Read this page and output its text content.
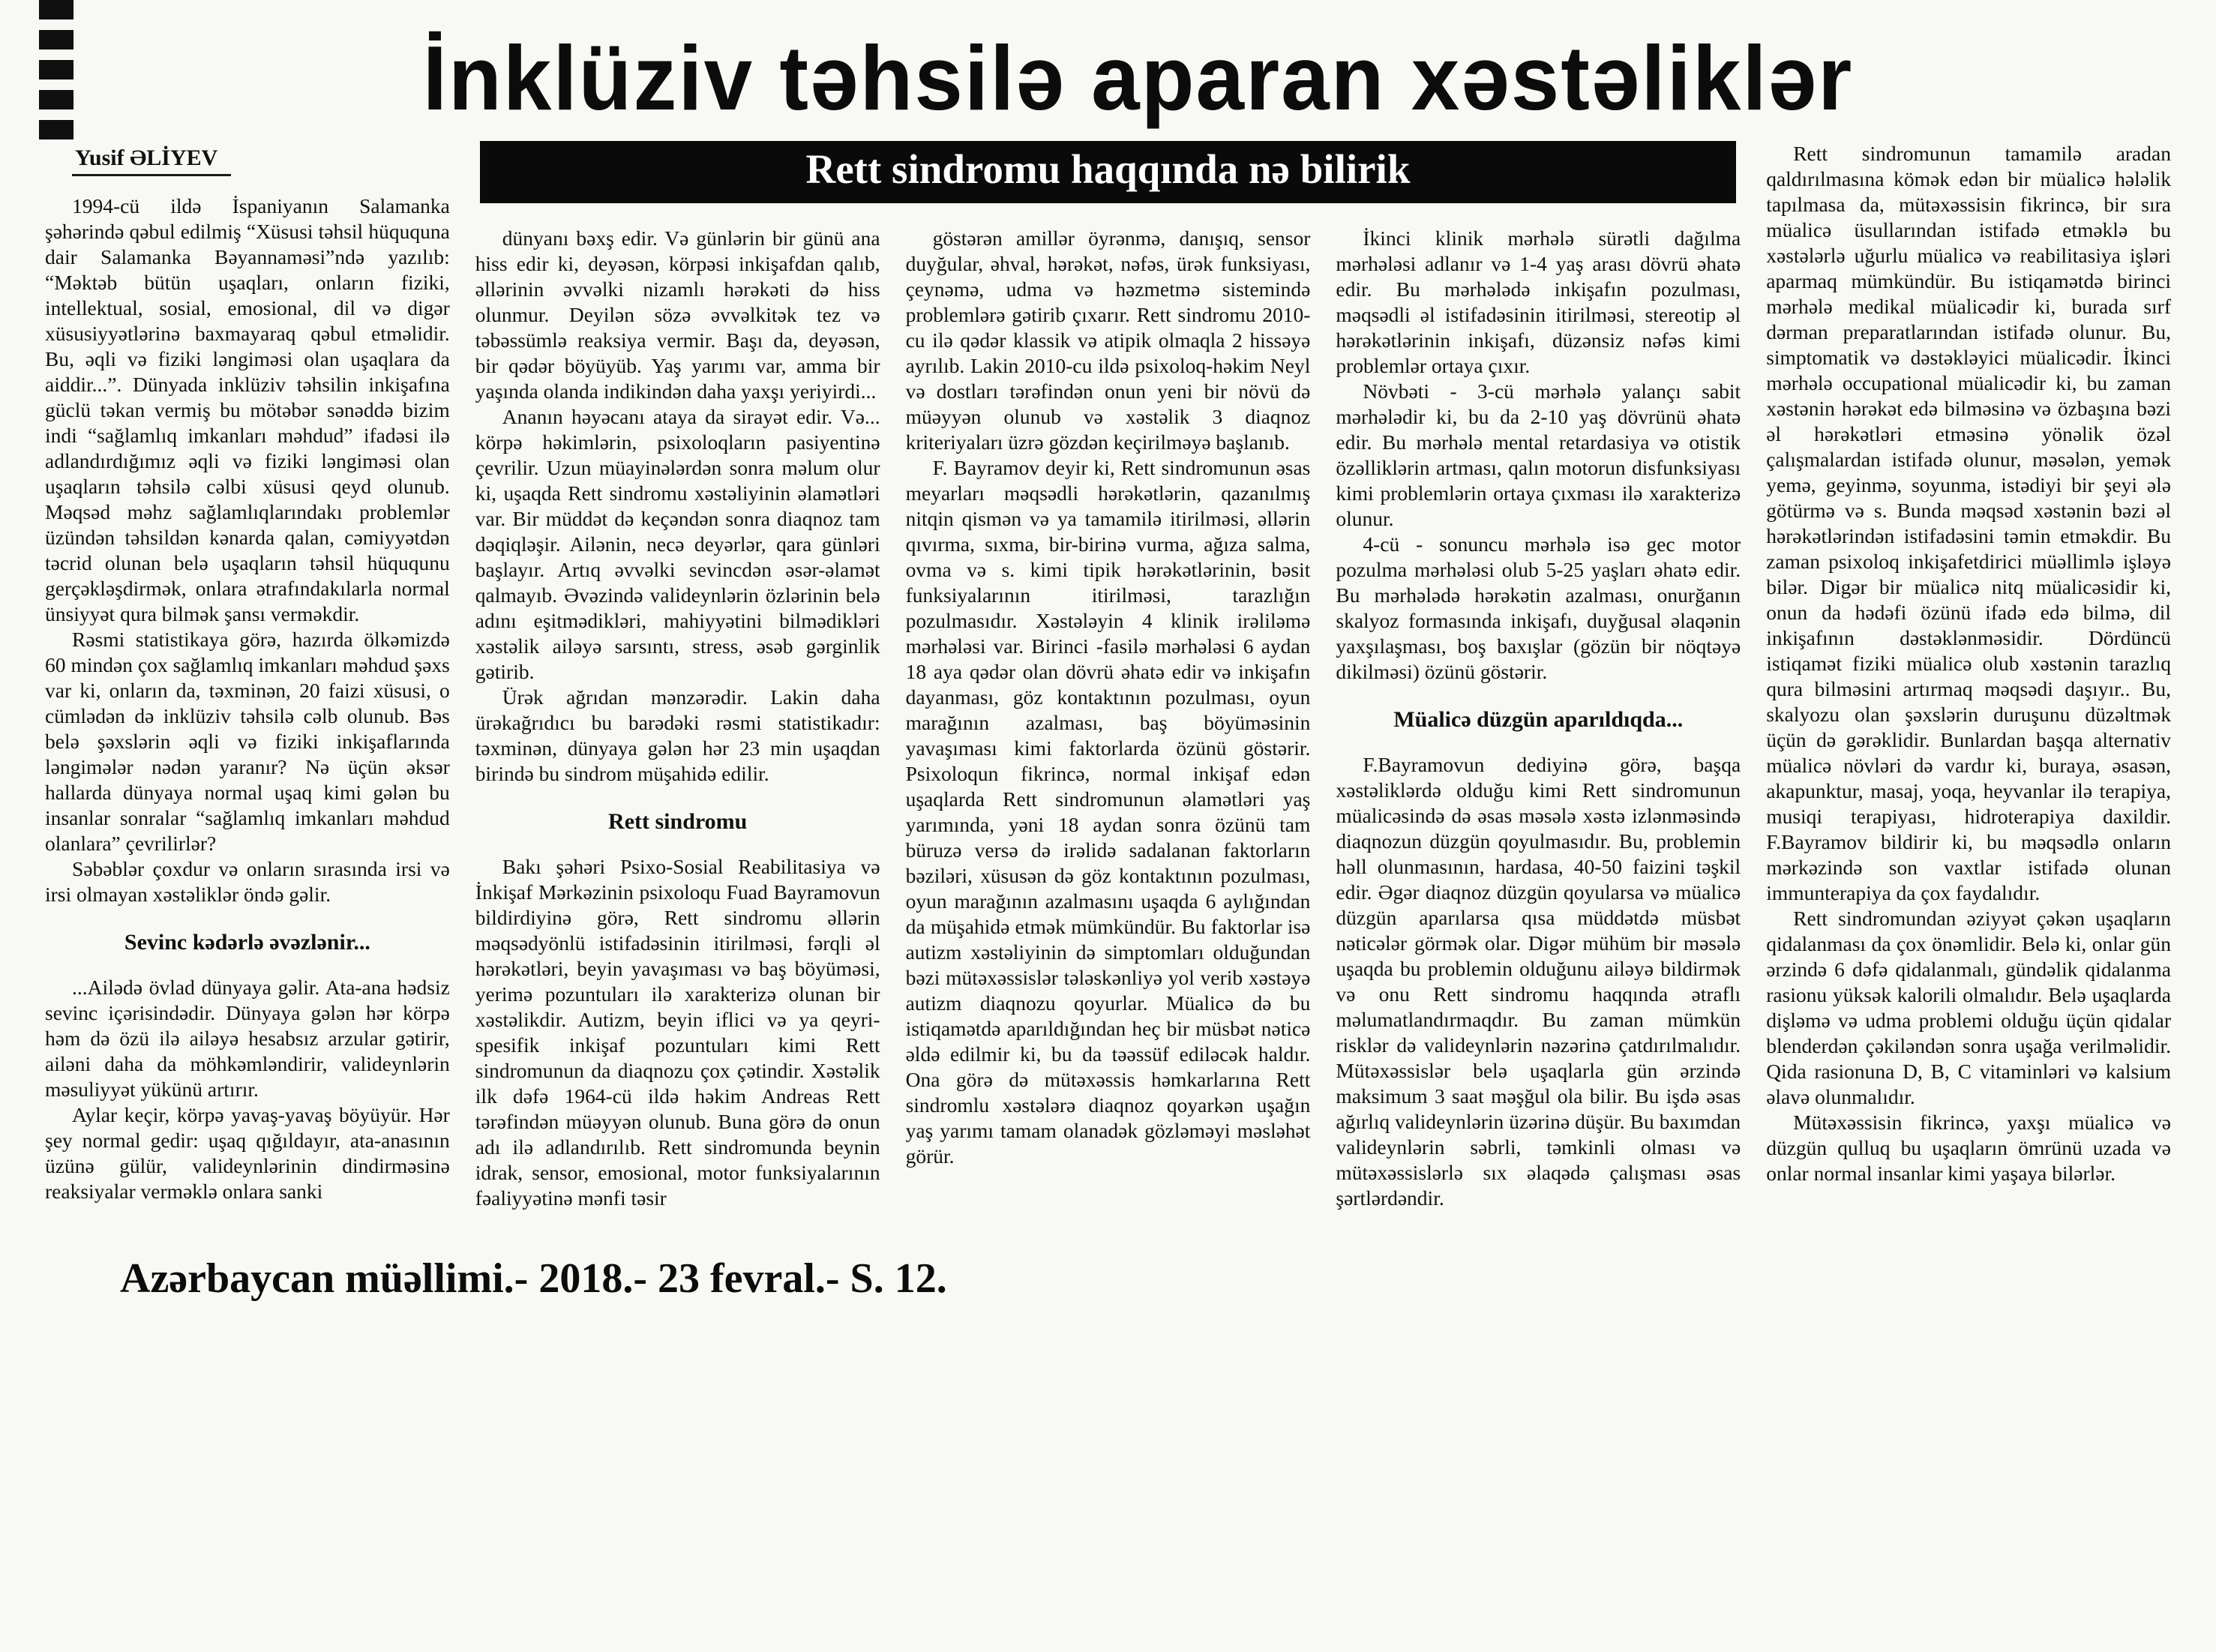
İnklüziv təhsilə aparan xəstəliklər
Yusif ƏLİYEV

1994-cü ildə İspaniyanın Salamanka şəhərində qəbul edilmiş “Xüsusi təhsil hüququna dair Salamanka Bəyannaməsi”ndə yazılıb: “Məktəb bütün uşaqları, onların fiziki, intellektual, sosial, emosional, dil və digər xüsusiyyətlərinə baxmayaraq qəbul etməlidir. Bu, əqli və fiziki ləngiməsi olan uşaqlara da aiddir...”. Dünyada inklüziv təhsilin inkişafına güclü təkan vermiş bu mötəbər sənəddə bizim indi “sağlamlıq imkanları məhdud” ifadəsi ilə adlandırdığımız əqli və fiziki ləngiməsi olan uşaqların təhsilə cəlbi xüsusi qeyd olunub. Məqsəd məhz sağlamlıqlarındakı problemlər üzündən təhsildən kənarda qalan, cəmiyyətdən təcrid olunan belə uşaqların təhsil hüququnu gerçəkləşdirmək, onlara ətrafındakılarla normal ünsiyyət qura bilmək şansı verməkdir.

Rəsmi statistikaya görə, hazırda ölkəmizdə 60 mindən çox sağlamlıq imkanları məhdud şəxs var ki, onların da, təxminən, 20 faizi xüsusi, o cümlədən də inklüziv təhsilə cəlb olunub. Bəs belə şəxslərin əqli və fiziki inkişaflarında ləngimələr nədən yaranır? Nə üçün əksər hallarda dünyaya normal uşaq kimi gələn bu insanlar sonralar “sağlamlıq imkanları məhdud olanlara” çevrilirlər?

Səbəblər çoxdur və onların sırasında irsi və irsi olmayan xəstəliklər öndə gəlir.

Sevinc kədərlə əvəzlənir...

...Ailədə övlad dünyaya gəlir. Ata-ana hədsiz sevinc içərisindədir. Dünyaya gələn hər körpə həm də özü ilə ailəyə hesabsız arzular gətirir, ailəni daha da möhkəmləndirir, valideynlərin məsuliyyət yükünü artırır.

Aylar keçir, körpə yavaş-yavaş böyüyür. Hər şey normal gedir: uşaq qığıldayır, ata-anasının üzünə gülür, valideynlərinin dindirməsinə reaksiyalar verməklə onlara sanki

Rett sindromu haqqında nə bilirik

dünyanı bəxş edir. Və günlərin bir günü ana hiss edir ki, deyəsən, körpəsi inkişafdan qalıb, əllərinin əvvəlki nizamlı hərəkəti də hiss olunmur. Deyilən sözə əvvəlkitək tez və təbəssümlə reaksiya vermir. Başı da, deyəsən, bir qədər böyüyüb. Yaş yarımı var, amma bir yaşında olanda indikindən daha yaxşı yeriyirdi...

Ananın həyəcanı ataya da sirayət edir. Və... körpə həkimlərin, psixoloqların pasiyentinə çevrilir. Uzun müayinələrdən sonra məlum olur ki, uşaqda Rett sindromu xəstəliyinin əlamətləri var. Bir müddət də keçəndən sonra diaqnoz tam dəqiqləşir. Ailənin, necə deyərlər, qara günləri başlayır. Artıq əvvəlki sevincdən əsər-əlamət qalmayıb. Əvəzində valideynlərin özlərinin belə adını eşitmədikləri, mahiyyətini bilmədikləri xəstəlik ailəyə sarsıntı, stress, əsəb gərginlik gətirib.

Ürək ağrıdan mənzərədir. Lakin daha ürəkağrıdıcı bu barədəki rəsmi statistikadır: təxminən, dünyaya gələn hər 23 min uşaqdan birində bu sindrom müşahidə edilir.

Rett sindromu

Bakı şəhəri Psixo-Sosial Reabilitasiya və İnkişaf Mərkəzinin psixoloqu Fuad Bayramovun bildirdiyinə görə, Rett sindromu əllərin məqsədyönlü istifadəsinin itirilməsi, fərqli əl hərəkətləri, beyin yavaşıması və baş böyüməsi, yerimə pozuntuları ilə xarakterizə olunan bir xəstəlikdir. Autizm, beyin iflici və ya qeyri-spesifik inkişaf pozuntuları kimi Rett sindromunun da diaqnozu çox çətindir. Xəstəlik ilk dəfə 1964-cü ildə həkim Andreas Rett tərəfindən müəyyən olunub. Buna görə də onun adı ilə adlandırılıb. Rett sindromunda beynin idrak, sensor, emosional, motor funksiyalarının fəaliyyətinə mənfi təsir

göstərən amillər öyrənmə, danışıq, sensor duyğular, əhval, hərəkət, nəfəs, ürək funksiyası, çeynəmə, udma və həzmetmə sistemində problemlərə gətirib çıxarır. Rett sindromu 2010-cu ilə qədər klassik və atipik olmaqla 2 hissəyə ayrılıb. Lakin 2010-cu ildə psixoloq-həkim Neyl və dostları tərəfindən onun yeni bir növü də müəyyən olunub və xəstəlik 3 diaqnoz kriteriyaları üzrə gözdən keçirilməyə başlanıb.

F. Bayramov deyir ki, Rett sindromunun əsas meyarları məqsədli hərəkətlərin, qazanılmış nitqin qismən və ya tamamilə itirilməsi, əllərin qıvırma, sıxma, bir-birinə vurma, ağıza salma, ovma və s. kimi tipik hərəkətlərinin, bəsit funksiyalarının itirilməsi, tarazlığın pozulmasıdır. Xəstələyin 4 klinik irəliləmə mərhələsi var. Birinci -fasilə mərhələsi 6 aydan 18 aya qədər olan dövrü əhatə edir və inkişafın dayanması, göz kontaktının pozulması, oyun marağının azalması, baş böyüməsinin yavaşıması kimi faktorlarda özünü göstərir. Psixoloqun fikrincə, normal inkişaf edən uşaqlarda Rett sindromunun əlamətləri yaş yarımında, yəni 18 aydan sonra özünü tam büruzə versə də irəlidə sadalanan faktorların bəziləri, xüsusən də göz kontaktının pozulması, oyun marağının azalmasını uşaqda 6 aylığından da müşahidə etmək mümkündür. Bu faktorlar isə autizm xəstəliyinin də simptomları olduğundan bəzi mütəxəssislər tələskənliyə yol verib xəstəyə autizm diaqnozu qoyurlar. Müalicə də bu istiqamətdə aparıldığından heç bir müsbət nəticə əldə edilmir ki, bu da təəssüf ediləcək haldır. Ona görə də mütəxəssis həmkarlarına Rett sindromlu xəstələrə diaqnoz qoyarkən uşağın yaş yarımı tamam olanadək gözləməyi məsləhət görür.

İkinci klinik mərhələ sürətli dağılma mərhələsi adlanır və 1-4 yaş arası dövrü əhatə edir. Bu mərhələdə inkişafın pozulması, məqsədli əl istifadəsinin itirilməsi, stereotip əl hərəkətlərinin inkişafı, düzənsiz nəfəs kimi problemlər ortaya çıxır.

Növbəti - 3-cü mərhələ yalançı sabit mərhələdir ki, bu da 2-10 yaş dövrünü əhatə edir. Bu mərhələ mental retardasiya və otistik özəlliklərin artması, qalın motorun disfunksiyası kimi problemlərin ortaya çıxması ilə xarakterizə olunur.

4-cü - sonuncu mərhələ isə gec motor pozulma mərhələsi olub 5-25 yaşları əhatə edir. Bu mərhələdə hərəkətin azalması, onurğanın skalyoz formasında inkişafı, duyğusal əlaqənin yaxşılaşması, boş baxışlar (gözün bir nöqtəyə dikilməsi) özünü göstərir.

Müalicə düzgün aparıldıqda...

F.Bayramovun dediyinə görə, başqa xəstəliklərdə olduğu kimi Rett sindromunun müalicəsində də əsas məsələ xəstə izlənməsində diaqnozun düzgün qoyulmasıdır. Bu, problemin həll olunmasının, hardasa, 40-50 faizini təşkil edir. Əgər diaqnoz düzgün qoyularsa və müalicə düzgün aparılarsa qısa müddətdə müsbət nəticələr görmək olar. Digər mühüm bir məsələ uşaqda bu problemin olduğunu ailəyə bildirmək və onu Rett sindromu haqqında ətraflı məlumatlandırmaqdır. Bu zaman mümkün risklər də valideynlərin nəzərinə çatdırılmalıdır. Mütəxəssislər belə uşaqlarla gün ərzində maksimum 3 saat məşğul ola bilir. Bu işdə əsas ağırlıq valideynlərin üzərinə düşür. Bu baxımdan valideynlərin səbrli, təmkinli olması və mütəxəssislərlə sıx əlaqədə çalışması əsas şərtlərdəndir.

Rett sindromunun tamamilə aradan qaldırılmasına kömək edən bir müalicə hələlik tapılmasa da, mütəxəssisin fikrincə, bir sıra müalicə üsullarından istifadə etməklə bu xəstələrlə uğurlu müalicə və reabilitasiya işləri aparmaq mümkündür. Bu istiqamətdə birinci mərhələ medikal müalicədir ki, burada sırf dərman preparatlarından istifadə olunur. Bu, simptomatik və dəstəkləyici müalicədir. İkinci mərhələ occupational müalicədir ki, bu zaman xəstənin hərəkət edə bilməsinə və özbaşına bəzi əl hərəkətləri etməsinə yönəlik özəl çalışmalardan istifadə olunur, məsələn, yemək yemə, geyinmə, soyunma, istədiyi bir şeyi ələ götürmə və s. Bunda məqsəd xəstənin bəzi əl hərəkətlərindən istifadəsini təmin etməkdir. Bu zaman psixoloq inkişafetdirici müəllimlə işləyə bilər. Digər bir müalicə nitq müalicəsidir ki, onun da hədəfi özünü ifadə edə bilmə, dil inkişafının dəstəklənməsidir. Dördüncü istiqamət fiziki müalicə olub xəstənin tarazlıq qura bilməsini artırmaq məqsədi daşıyır.. Bu, skalyozu olan şəxslərin duruşunu düzəltmək üçün də gərəklidir. Bunlardan başqa alternativ müalicə növləri də vardır ki, buraya, əsasən, akapunktur, masaj, yoqa, heyvanlar ilə terapiya, musiqi terapiyası, hidroterapiya daxildir. F.Bayramov bildirir ki, bu məqsədlə onların mərkəzində son vaxtlar istifadə olunan immunterapiya da çox faydalıdır.

Rett sindromundan əziyyət çəkən uşaqların qidalanması da çox önəmlidir. Belə ki, onlar gün ərzində 6 dəfə qidalanmalı, gündəlik qidalanma rasionu yüksək kalorili olmalıdır. Belə uşaqlarda dişləmə və udma problemi olduğu üçün qidalar blenderdən çəkiləndən sonra uşağa verilməlidir. Qida rasionuna D, B, C vitaminləri və kalsium əlavə olunmalıdır.

Mütəxəssisin fikrincə, yaxşı müalicə və düzgün qulluq bu uşaqların ömrünü uzada və onlar normal insanlar kimi yaşaya bilərlər.

Azərbaycan müəllimi.- 2018.- 23 fevral.- S. 12.
